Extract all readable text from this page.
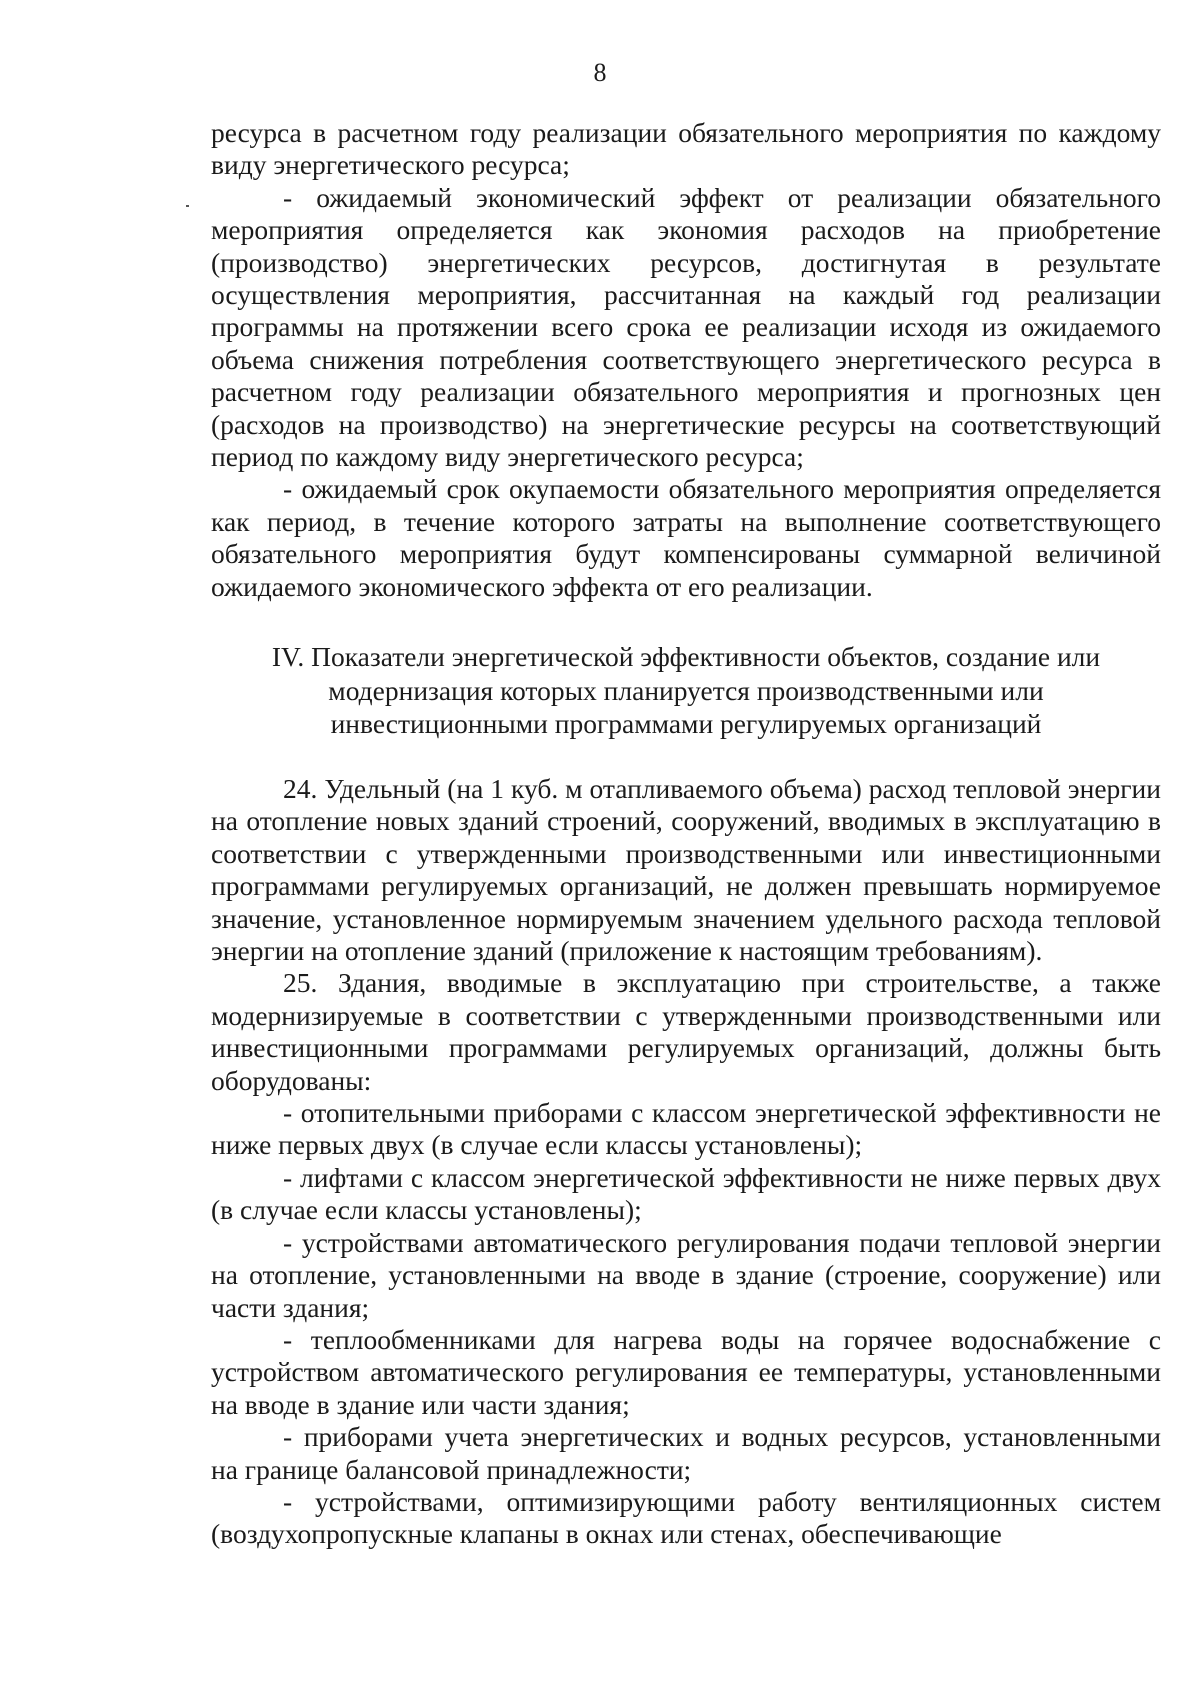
8

ресурса в расчетном году реализации обязательного мероприятия по каждому виду энергетического ресурса;

- ожидаемый экономический эффект от реализации обязательного мероприятия определяется как экономия расходов на приобретение (производство) энергетических ресурсов, достигнутая в результате осуществления мероприятия, рассчитанная на каждый год реализации программы на протяжении всего срока ее реализации исходя из ожидаемого объема снижения потребления соответствующего энергетического ресурса в расчетном году реализации обязательного мероприятия и прогнозных цен (расходов на производство) на энергетические ресурсы на соответствующий период по каждому виду энергетического ресурса;

- ожидаемый срок окупаемости обязательного мероприятия определяется как период, в течение которого затраты на выполнение соответствующего обязательного мероприятия будут компенсированы суммарной величиной ожидаемого экономического эффекта от его реализации.

IV. Показатели энергетической эффективности объектов, создание или
модернизация которых планируется производственными или
инвестиционными программами регулируемых организаций

24. Удельный (на 1 куб. м отапливаемого объема) расход тепловой энергии на отопление новых зданий строений, сооружений, вводимых в эксплуатацию в соответствии с утвержденными производственными или инвестиционными программами регулируемых организаций, не должен превышать нормируемое значение, установленное нормируемым значением удельного расхода тепловой энергии на отопление зданий (приложение к настоящим требованиям).

25. Здания, вводимые в эксплуатацию при строительстве, а также модернизируемые в соответствии с утвержденными производственными или инвестиционными программами регулируемых организаций, должны быть оборудованы:

- отопительными приборами с классом энергетической эффективности не ниже первых двух (в случае если классы установлены);

- лифтами с классом энергетической эффективности не ниже первых двух (в случае если классы установлены);

- устройствами автоматического регулирования подачи тепловой энергии на отопление, установленными на вводе в здание (строение, сооружение) или части здания;

- теплообменниками для нагрева воды на горячее водоснабжение с устройством автоматического регулирования ее температуры, установленными на вводе в здание или части здания;

- приборами учета энергетических и водных ресурсов, установленными на границе балансовой принадлежности;

- устройствами, оптимизирующими работу вентиляционных систем (воздухопропускные клапаны в окнах или стенах, обеспечивающие
